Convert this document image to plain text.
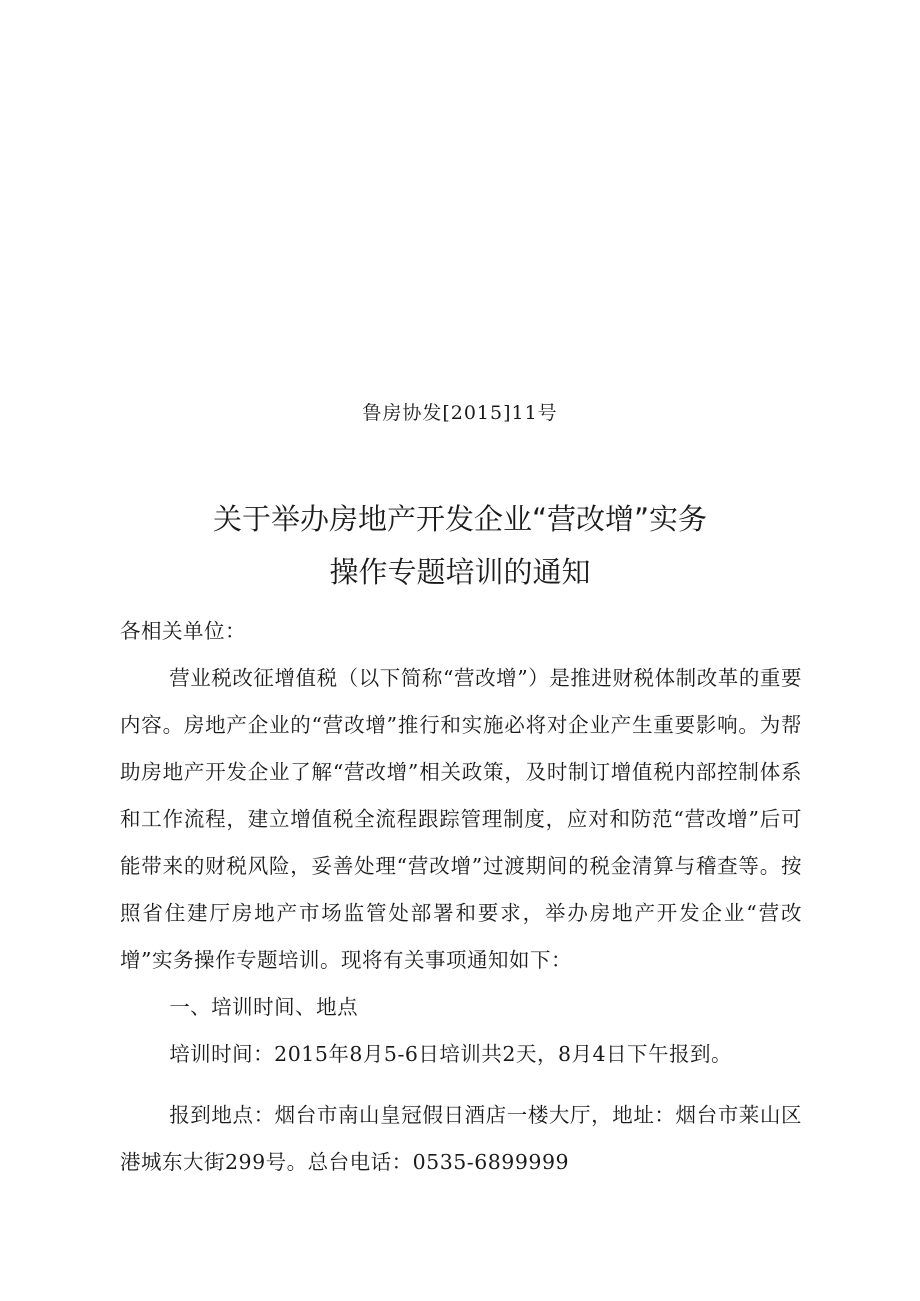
鲁房协发[2015]11号
关于举办房地产开发企业“营改增”实务
操作专题培训的通知

各相关单位：

营业税改征增值税（以下简称“营改增”）是推进财税体制改革的重要内容。房地产企业的“营改增”推行和实施必将对企业产生重要影响。为帮助房地产开发企业了解“营改增”相关政策，及时制订增值税内部控制体系和工作流程，建立增值税全流程跟踪管理制度，应对和防范“营改增”后可能带来的财税风险，妥善处理“营改增”过渡期间的税金清算与稽查等。按照省住建厅房地产市场监管处部署和要求，举办房地产开发企业“营改增”实务操作专题培训。现将有关事项通知如下：

一、培训时间、地点

培训时间：2015年8月5-6日培训共2天，8月4日下午报到。

报到地点：烟台市南山皇冠假日酒店一楼大厅，地址：烟台市莱山区港城东大街299号。总台电话：0535-6899999
